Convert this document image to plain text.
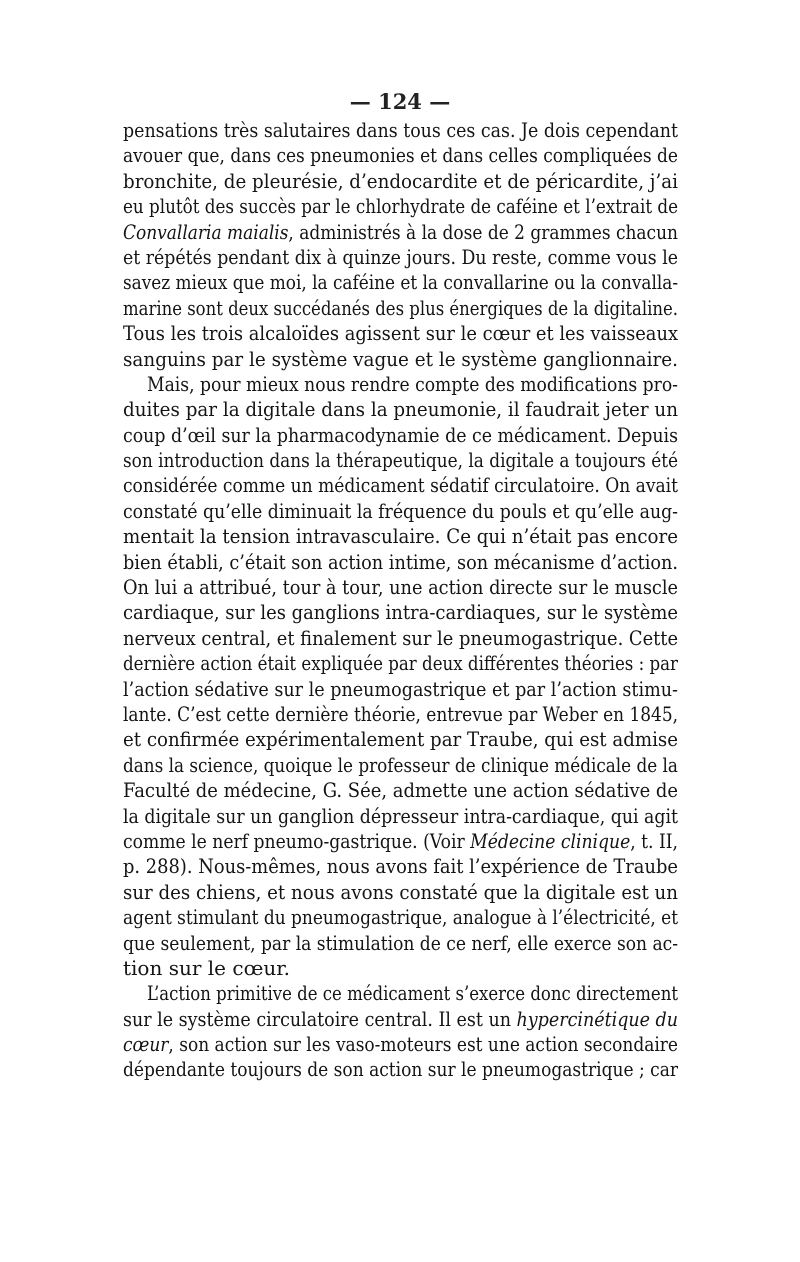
— 124 —
pensations très salutaires dans tous ces cas. Je dois cependant
avouer que, dans ces pneumonies et dans celles compliquées de
bronchite, de pleurésie, d’endocardite et de péricardite, j’ai
eu plutôt des succès par le chlorhydrate de caféine et l’extrait de
Convallaria maialis, administrés à la dose de 2 grammes chacun
et répétés pendant dix à quinze jours. Du reste, comme vous le
savez mieux que moi, la caféine et la convallarine ou la convalla-
marine sont deux succédanés des plus énergiques de la digitaline.
Tous les trois alcaloïdes agissent sur le cœur et les vaisseaux
sanguins par le système vague et le système ganglionnaire.
Mais, pour mieux nous rendre compte des modifications pro-
duites par la digitale dans la pneumonie, il faudrait jeter un
coup d’œil sur la pharmacodynamie de ce médicament. Depuis
son introduction dans la thérapeutique, la digitale a toujours été
considérée comme un médicament sédatif circulatoire. On avait
constaté qu’elle diminuait la fréquence du pouls et qu’elle aug-
mentait la tension intravasculaire. Ce qui n’était pas encore
bien établi, c’était son action intime, son mécanisme d’action.
On lui a attribué, tour à tour, une action directe sur le muscle
cardiaque, sur les ganglions intra-cardiaques, sur le système
nerveux central, et finalement sur le pneumogastrique. Cette
dernière action était expliquée par deux différentes théories : par
l’action sédative sur le pneumogastrique et par l’action stimu-
lante. C’est cette dernière théorie, entrevue par Weber en 1845,
et confirmée expérimentalement par Traube, qui est admise
dans la science, quoique le professeur de clinique médicale de la
Faculté de médecine, G. Sée, admette une action sédative de
la digitale sur un ganglion dépresseur intra-cardiaque, qui agit
comme le nerf pneumo-gastrique. (Voir Médecine clinique, t. II,
p. 288). Nous-mêmes, nous avons fait l’expérience de Traube
sur des chiens, et nous avons constaté que la digitale est un
agent stimulant du pneumogastrique, analogue à l’électricité, et
que seulement, par la stimulation de ce nerf, elle exerce son ac-
tion sur le cœur.
L’action primitive de ce médicament s’exerce donc directement
sur le système circulatoire central. Il est un hypercinétique du
cœur, son action sur les vaso-moteurs est une action secondaire
dépendante toujours de son action sur le pneumogastrique ; car
